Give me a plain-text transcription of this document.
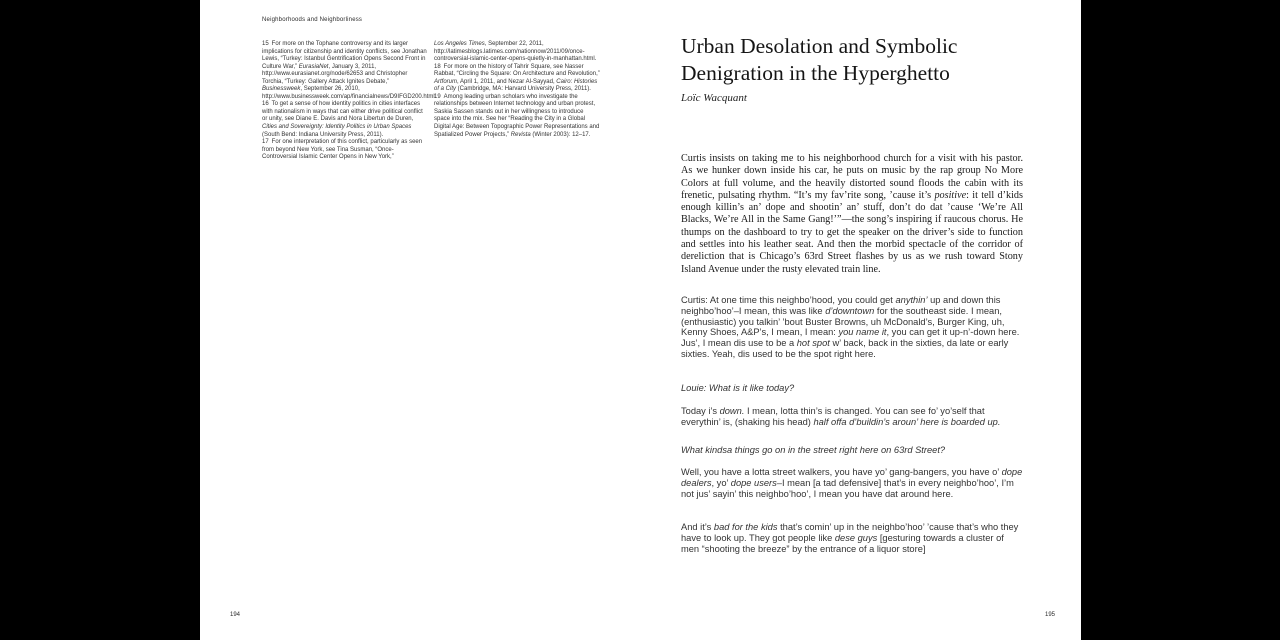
Neighborhoods and Neighborliness

15 For more on the Tophane controversy and its larger implications for citizenship and identity conflicts, see Jonathan Lewis, “Turkey: Istanbul Gentrification Opens Second Front in Culture War,” EurasiaNet, January 3, 2011, http://www.eurasianet.org/node/62653 and Christopher Torchia, “Turkey: Gallery Attack Ignites Debate,” Businessweek, September 26, 2010, http://www.businessweek.com/ap/financialnews/D9IFGD200.html.

16 To get a sense of how identity politics in cities interfaces with nationalism in ways that can either drive political conflict or unity, see Diane E. Davis and Nora Libertun de Duren, Cities and Sovereignty: Identity Politics in Urban Spaces (South Bend: Indiana University Press, 2011).

17 For one interpretation of this conflict, particularly as seen from beyond New York, see Tina Susman, “Once-Controversial Islamic Center Opens in New York,”

Los Angeles Times, September 22, 2011, http://latimesblogs.latimes.com/nationnow/2011/09/once-controversial-islamic-center-opens-quietly-in-manhattan.html.

18 For more on the history of Tahrir Square, see Nasser Rabbat, “Circling the Square: On Architecture and Revolution,” Artforum, April 1, 2011, and Nezar Al-Sayyad, Cairo: Histories of a City (Cambridge, MA: Harvard University Press, 2011).

19 Among leading urban scholars who investigate the relationships between Internet technology and urban protest, Saskia Sassen stands out in her willingness to introduce space into the mix. See her “Reading the City in a Global Digital Age: Between Topographic Power Representations and Spatialized Power Projects,” Revista (Winter 2003): 12–17.

194
Urban Desolation and Symbolic
Denigration in the Hyperghetto
Loïc Wacquant

Curtis insists on taking me to his neighborhood church for a visit with his pastor. As we hunker down inside his car, he puts on music by the rap group No More Colors at full volume, and the heavily distorted sound floods the cabin with its frenetic, pulsating rhythm. “It’s my fav’rite song, ’cause it’s positive: it tell d’kids enough killin’s an’ dope and shootin’ an’ stuff, don’t do dat ’cause ‘We’re All Blacks, We’re All in the Same Gang!’”—the song’s inspiring if raucous chorus. He thumps on the dashboard to try to get the speaker on the driver’s side to function and settles into his leather seat. And then the morbid spectacle of the corridor of dereliction that is Chicago’s 63rd Street flashes by us as we rush toward Stony Island Avenue under the rusty elevated train line.

Curtis: At one time this neighbo’hood, you could get anythin’ up and down this neighbo’hoo’–I mean, this was like d’downtown for the southeast side. I mean, (enthusiastic) you talkin’ ’bout Buster Browns, uh McDonald’s, Burger King, uh, Kenny Shoes, A&P’s, I mean, I mean: you name it, you can get it up-n’-down here. Jus’, I mean dis use to be a hot spot w’ back, back in the sixties, da late or early sixties. Yeah, dis used to be the spot right here.

Louie: What is it like today?

Today i’s down. I mean, lotta thin’s is changed. You can see fo’ yo’self that everythin’ is, (shaking his head) half offa d’buildin’s aroun’ here is boarded up.

What kindsa things go on in the street right here on 63rd Street?

Well, you have a lotta street walkers, you have yo’ gang-bangers, you have o’ dope dealers, yo’ dope users–I mean [a tad defensive] that’s in every neighbo’hoo’, I’m not jus’ sayin’ this neighbo’hoo’, I mean you have dat around here.

And it’s bad for the kids that’s comin’ up in the neighbo’hoo’ ’cause that’s who they have to look up. They got people like dese guys [gesturing towards a cluster of men “shooting the breeze” by the entrance of a liquor store]

195
